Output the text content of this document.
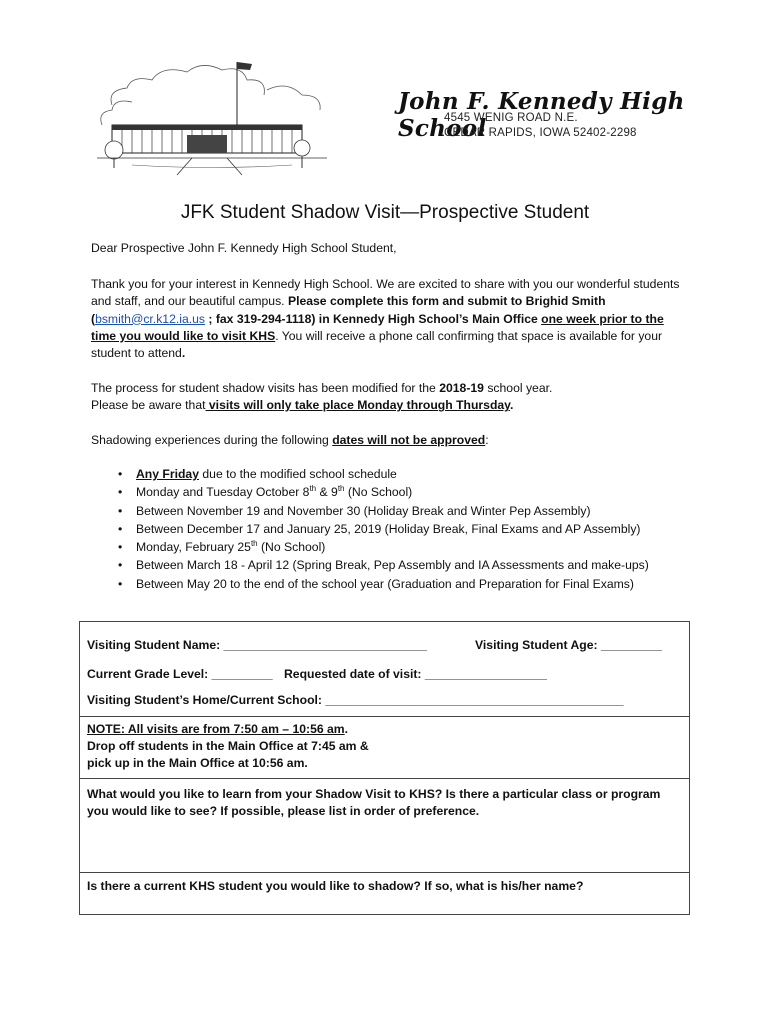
John F. Kennedy High School
4545 WENIG ROAD N.E.
CEDAR RAPIDS, IOWA 52402-2298
JFK Student Shadow Visit—Prospective Student
Dear Prospective John F. Kennedy High School Student,
Thank you for your interest in Kennedy High School. We are excited to share with you our wonderful students and staff, and our beautiful campus. Please complete this form and submit to Brighid Smith (bsmith@cr.k12.ia.us ; fax 319-294-1118) in Kennedy High School’s Main Office one week prior to the time you would like to visit KHS. You will receive a phone call confirming that space is available for your student to attend.
The process for student shadow visits has been modified for the 2018-19 school year.
Please be aware that visits will only take place Monday through Thursday.
Shadowing experiences during the following dates will not be approved:
• Any Friday due to the modified school schedule
• Monday and Tuesday October 8th & 9th (No School)
• Between November 19 and November 30 (Holiday Break and Winter Pep Assembly)
• Between December 17 and January 25, 2019 (Holiday Break, Final Exams and AP Assembly)
• Monday, February 25th (No School)
• Between March 18 - April 12 (Spring Break, Pep Assembly and IA Assessments and make-ups)
• Between May 20 to the end of the school year (Graduation and Preparation for Final Exams)
Visiting Student Name: ______________________________	Visiting Student Age: _________
Current Grade Level: _________ Requested date of visit: __________________
Visiting Student’s Home/Current School: ____________________________________________
NOTE: All visits are from 7:50 am – 10:56 am.
Drop off students in the Main Office at 7:45 am &
pick up in the Main Office at 10:56 am.
What would you like to learn from your Shadow Visit to KHS? Is there a particular class or program you would like to see? If possible, please list in order of preference.
Is there a current KHS student you would like to shadow? If so, what is his/her name?
